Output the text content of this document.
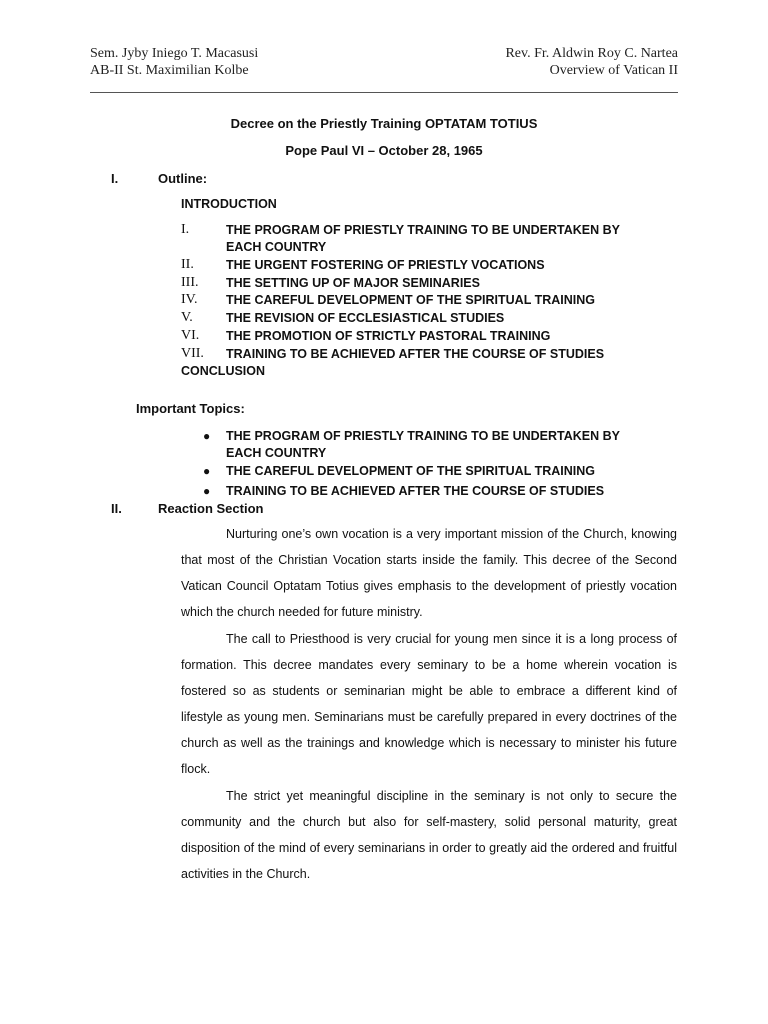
Sem. Jyby Iniego T. Macasusi
AB-II St. Maximilian Kolbe
Rev. Fr. Aldwin Roy C. Nartea
Overview of Vatican II
Decree on the Priestly Training OPTATAM TOTIUS
Pope Paul VI – October 28, 1965
I.	Outline:
INTRODUCTION
I.	THE PROGRAM OF PRIESTLY TRAINING TO BE UNDERTAKEN BY EACH COUNTRY
II.	THE URGENT FOSTERING OF PRIESTLY VOCATIONS
III. THE SETTING UP OF MAJOR SEMINARIES
IV. THE CAREFUL DEVELOPMENT OF THE SPIRITUAL TRAINING
V.	THE REVISION OF ECCLESIASTICAL STUDIES
VI. THE PROMOTION OF STRICTLY PASTORAL TRAINING
VII. TRAINING TO BE ACHIEVED AFTER THE COURSE OF STUDIES
CONCLUSION
Important Topics:
● THE PROGRAM OF PRIESTLY TRAINING TO BE UNDERTAKEN BY EACH COUNTRY
● THE CAREFUL DEVELOPMENT OF THE SPIRITUAL TRAINING
● TRAINING TO BE ACHIEVED AFTER THE COURSE OF STUDIES
II.	Reaction Section

Nurturing one’s own vocation is a very important mission of the Church, knowing that most of the Christian Vocation starts inside the family. This decree of the Second Vatican Council Optatam Totius gives emphasis to the development of priestly vocation which the church needed for future ministry.

The call to Priesthood is very crucial for young men since it is a long process of formation. This decree mandates every seminary to be a home wherein vocation is fostered so as students or seminarian might be able to embrace a different kind of lifestyle as young men. Seminarians must be carefully prepared in every doctrines of the church as well as the trainings and knowledge which is necessary to minister his future flock.

The strict yet meaningful discipline in the seminary is not only to secure the community and the church but also for self-mastery, solid personal maturity, great disposition of the mind of every seminarians in order to greatly aid the ordered and fruitful activities in the Church.
